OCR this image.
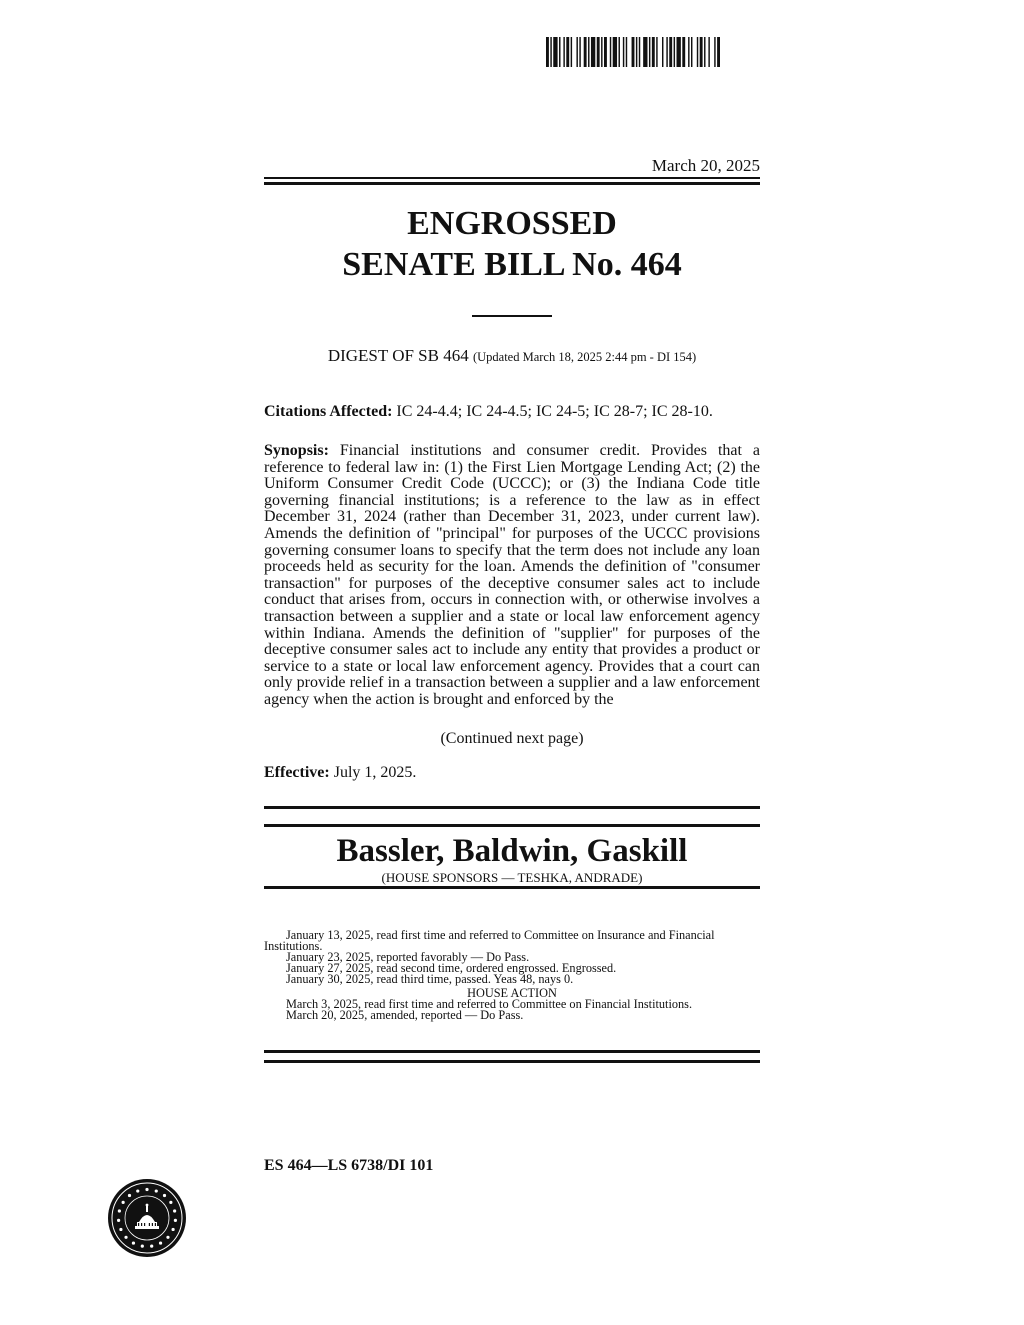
March 20, 2025
ENGROSSED
SENATE BILL No. 464
DIGEST OF SB 464 (Updated March 18, 2025 2:44 pm - DI 154)
Citations Affected: IC 24-4.4; IC 24-4.5; IC 24-5; IC 28-7; IC 28-10.
Synopsis: Financial institutions and consumer credit. Provides that a reference to federal law in: (1) the First Lien Mortgage Lending Act; (2) the Uniform Consumer Credit Code (UCCC); or (3) the Indiana Code title governing financial institutions; is a reference to the law as in effect December 31, 2024 (rather than December 31, 2023, under current law). Amends the definition of "principal" for purposes of the UCCC provisions governing consumer loans to specify that the term does not include any loan proceeds held as security for the loan. Amends the definition of "consumer transaction" for purposes of the deceptive consumer sales act to include conduct that arises from, occurs in connection with, or otherwise involves a transaction between a supplier and a state or local law enforcement agency within Indiana. Amends the definition of "supplier" for purposes of the deceptive consumer sales act to include any entity that provides a product or service to a state or local law enforcement agency. Provides that a court can only provide relief in a transaction between a supplier and a law enforcement agency when the action is brought and enforced by the
(Continued next page)
Effective: July 1, 2025.
Bassler, Baldwin, Gaskill
(HOUSE SPONSORS — TESHKA, ANDRADE)
January 13, 2025, read first time and referred to Committee on Insurance and Financial Institutions.
January 23, 2025, reported favorably — Do Pass.
January 27, 2025, read second time, ordered engrossed. Engrossed.
January 30, 2025, read third time, passed. Yeas 48, nays 0.
HOUSE ACTION
March 3, 2025, read first time and referred to Committee on Financial Institutions.
March 20, 2025, amended, reported — Do Pass.
ES 464—LS 6738/DI 101
